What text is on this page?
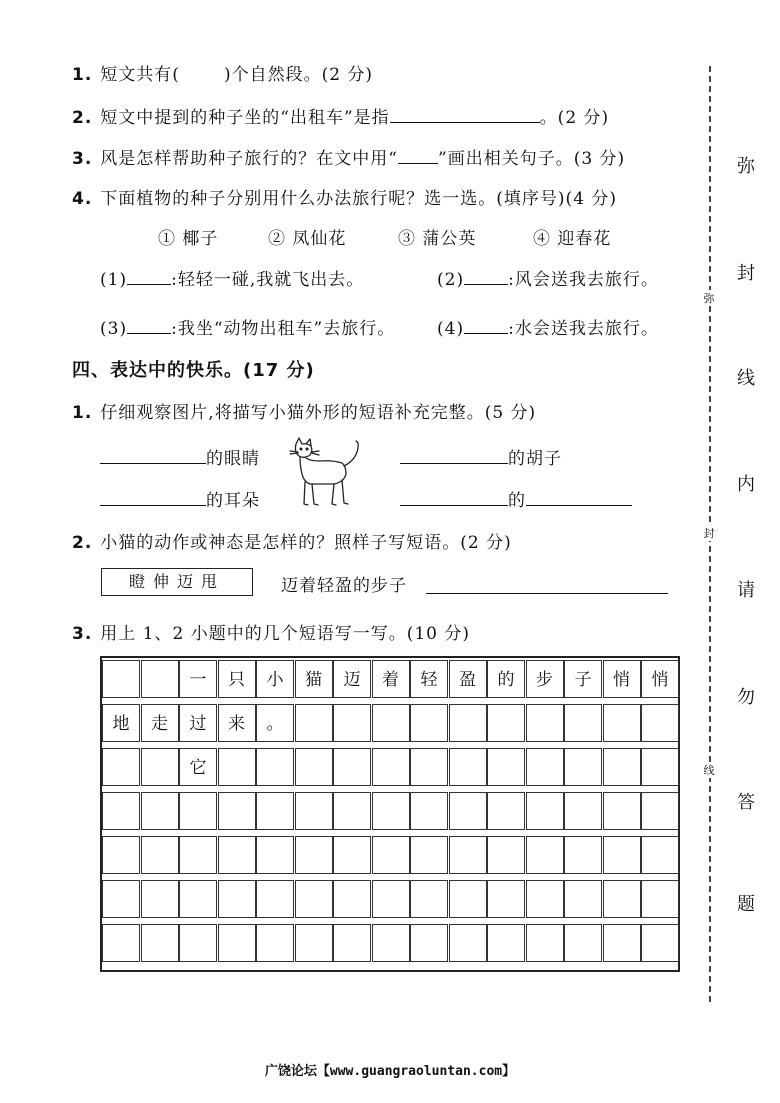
1. 短文共有(	)个自然段。(2 分)
2. 短文中提到的种子坐的“出租车”是指	。(2 分)
3. 风是怎样帮助种子旅行的？在文中用“ ”画出相关句子。(3 分)
4. 下面植物的种子分别用什么办法旅行呢？选一选。(填序号)(4 分)
① 椰子	② 凤仙花	③ 蒲公英	④ 迎春花
(1)	:轻轻一碰,我就飞出去。	(2)	:风会送我去旅行。
(3)	:我坐“动物出租车”去旅行。 (4)	:水会送我去旅行。
四、表达中的快乐。(17 分)
1. 仔细观察图片,将描写小猫外形的短语补充完整。(5 分)
的眼睛	的胡子
的耳朵	的
2. 小猫的动作或神态是怎样的？照样子写短语。(2 分)
瞪伸迈甩	迈着轻盈的步子
3. 用上 1、2 小题中的几个短语写一写。(10 分)
一	只	小	猫	迈	着	轻	盈	的	步	子	悄	悄
地	走	过	来	。
它
弥
封
线
弥
封
线
内
请
勿
答
题
广饶论坛【www.guangraoluntan.com】
